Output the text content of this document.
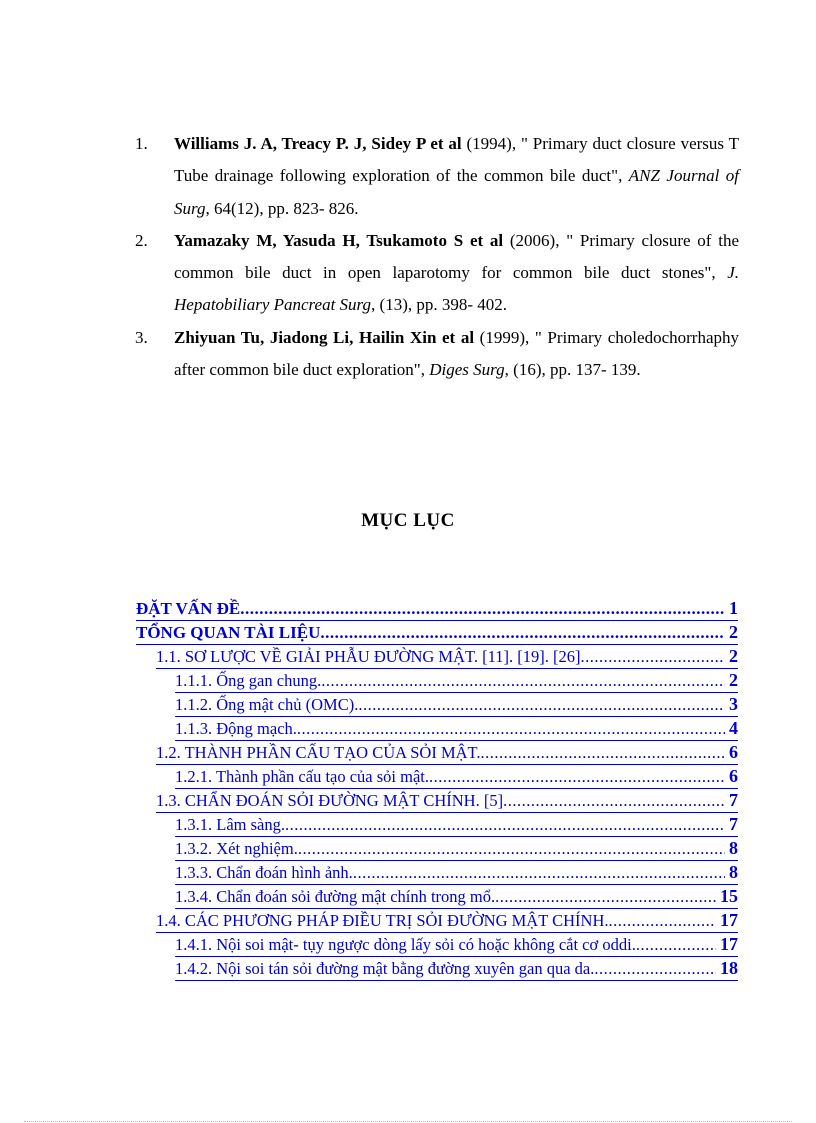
1. Williams J. A, Treacy P. J, Sidey P et al (1994), " Primary duct closure versus T Tube drainage following exploration of the common bile duct", ANZ Journal of Surg, 64(12), pp. 823- 826.
2. Yamazaky M, Yasuda H, Tsukamoto S et al (2006), " Primary closure of the common bile duct in open laparotomy for common bile duct stones", J. Hepatobiliary Pancreat Surg, (13), pp. 398- 402.
3. Zhiyuan Tu, Jiadong Li, Hailin Xin et al (1999), " Primary choledochorrhaphy after common bile duct exploration", Diges Surg, (16), pp. 137- 139.
MỤC LỤC
ĐẶT VẤN ĐỀ .....	1
TỔNG QUAN TÀI LIỆU .....	2
1.1. SƠ LƯỢC VỀ GIẢI PHẪU ĐƯỜNG MẬT. [11]. [19]. [26] .....	2
1.1.1. Ống gan chung. .....	2
1.1.2. Ống mật chủ (OMC). .....	3
1.1.3. Động mạch. .....	4
1.2. THÀNH PHẦN CẤU TẠO CỦA SỎI MẬT. .....	6
1.2.1. Thành phần cấu tạo của sỏi mật. .....	6
1.3. CHẨN ĐOÁN SỎI ĐƯỜNG MẬT CHÍNH. [5] .....	7
1.3.1. Lâm sàng. .....	7
1.3.2. Xét nghiệm. .....	8
1.3.3. Chẩn đoán hình ảnh. .....	8
1.3.4. Chẩn đoán sỏi đường mật chính trong mổ. .....	15
1.4. CÁC PHƯƠNG PHÁP ĐIỀU TRỊ SỎI ĐƯỜNG MẬT CHÍNH. .....	17
1.4.1. Nội soi mật- tụy ngược dòng lấy sỏi có hoặc không cắt cơ oddi. .....	17
1.4.2. Nội soi tán sỏi đường mật bằng đường xuyên gan qua da. .....	18
